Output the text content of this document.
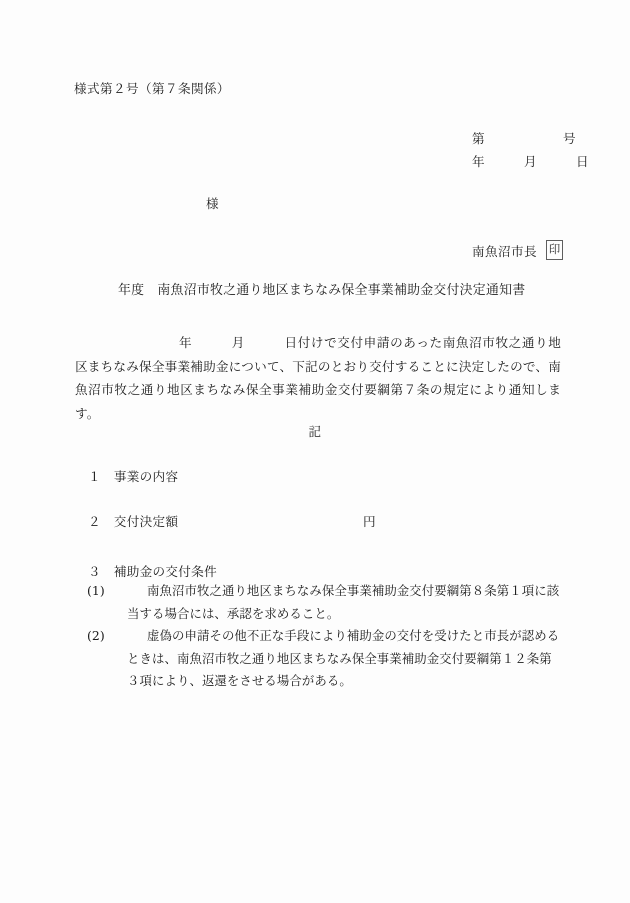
様式第２号（第７条関係）
第　　　　　　号
年　　　月　　　日
様
南魚沼市長 印
年度　南魚沼市牧之通り地区まちなみ保全事業補助金交付決定通知書
年　　　月　　　日付けで交付申請のあった南魚沼市牧之通り地区まちなみ保全事業補助金について、下記のとおり交付することに決定したので、南魚沼市牧之通り地区まちなみ保全事業補助金交付要綱第７条の規定により通知します。
記
１　 事業の内容
２　 交付決定額	円
３　 補助金の交付条件
(1)	南魚沼市牧之通り地区まちなみ保全事業補助金交付要綱第８条第１項に該
当する場合には、承認を求めること。
(2)	虚偽の申請その他不正な手段により補助金の交付を受けたと市長が認める
ときは、南魚沼市牧之通り地区まちなみ保全事業補助金交付要綱第１２条第
３項により、返還をさせる場合がある。
